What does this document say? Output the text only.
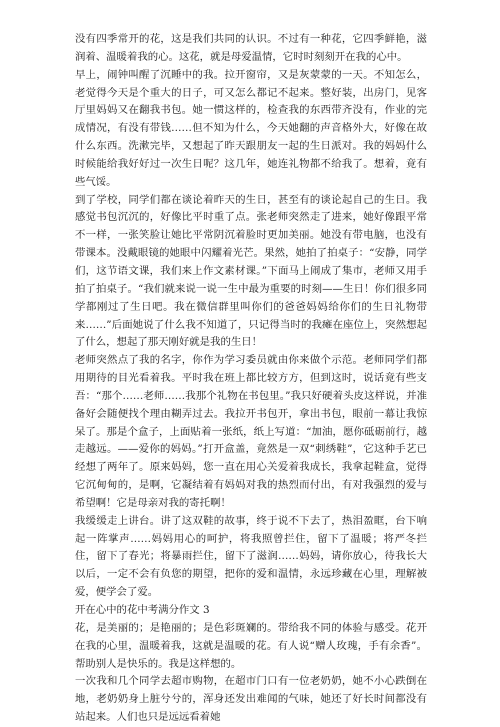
没有四季常开的花，这是我们共同的认识。不过有一种花，它四季鲜艳，滋润着、温暖着我的心。这花，就是母爱温情，它时时刻刻开在我的心中。

早上，闹钟叫醒了沉睡中的我。拉开窗帘，又是灰蒙蒙的一天。不知怎么，老觉得今天是个重大的日子，可又怎么都记不起来。整好装，出房门，见客厅里妈妈又在翻我书包。她一惯这样的，检查我的东西带齐没有，作业的完成情况，有没有带钱……但不知为什么，今天她翻的声音格外大，好像在故什么东西。洗漱完毕，又想起了昨天跟朋友一起的生日派对。我的妈妈什么时候能给我好好过一次生日呢？这几年，她连礼物都不给我了。想着，竟有些气馁。

到了学校，同学们都在谈论着昨天的生日，甚至有的谈论起自己的生日。我感觉书包沉沉的，好像比平时重了点。张老师突然走了进来，她好像跟平常不一样，一张笑脸让她比平常阴沉着脸时更加美丽。她没有带电脑，也没有带课本。没戴眼镜的她眼中闪耀着光芒。果然，她拍了拍桌子：“安静，同学们，这节语文课，我们来上作文素材课。”下面马上闹成了集市，老师又用手拍了拍桌子。“我们就来说一说一生中最为重要的时刻——生日！你们很多同学都刚过了生日吧。我在微信群里叫你们的爸爸妈妈给你们的生日礼物带来……”后面她说了什么我不知道了，只记得当时的我瘫在座位上，突然想起了什么，想起了那天刚好就是我的生日！

老师突然点了我的名字，你作为学习委员就由你来做个示范。老师同学们都用期待的目光看着我。平时我在班上都比较方方，但到这时，说话竟有些支吾：“那个……老师……我那个礼物在书包里。”我只好硬着头皮这样说，并准备好会随便找个理由糊弄过去。我拉开书包开，拿出书包，眼前一幕让我惊呆了。那是个盒子，上面贴着一张纸，纸上写道：“加油，愿你砥砺前行，越走越远。——爱你的妈妈。”打开盒盖，竟然是一双“刺绣鞋”，它这种手艺已经想了两年了。原来妈妈，您一直在用心关爱着我成长，我拿起鞋盒，觉得它沉甸甸的，是啊，它凝结着有妈妈对我的热烈而付出，有对我强烈的爱与希望啊！它是母亲对我的寄托啊！

我缓缓走上讲台。讲了这双鞋的故事，终于说不下去了，热泪盈眶，台下响起一阵掌声……妈妈用心的呵护，将我照曾拦住，留下了温暖；将严冬拦住，留下了春光；将暴雨拦住，留下了滋润……妈妈，请你放心，待我长大以后，一定不会有负您的期望，把你的爱和温情，永远珍藏在心里，理解被爱，便学会了爱。

开在心中的花中考满分作文 3

花，是美丽的；是艳丽的；是色彩斑斓的。带给我不同的体验与感受。花开在我的心里，温暖着我，这就是温暖的花。有人说“赠人玫瑰，手有余香”。帮助别人是快乐的。我是这样想的。

一次我和几个同学去超市购物，在超市门口有一位老奶奶，她不小心跌倒在地，老奶奶身上脏兮兮的，浑身还发出难闻的气味，她还了好长时间都没有站起来。人们也只是远远看着她
